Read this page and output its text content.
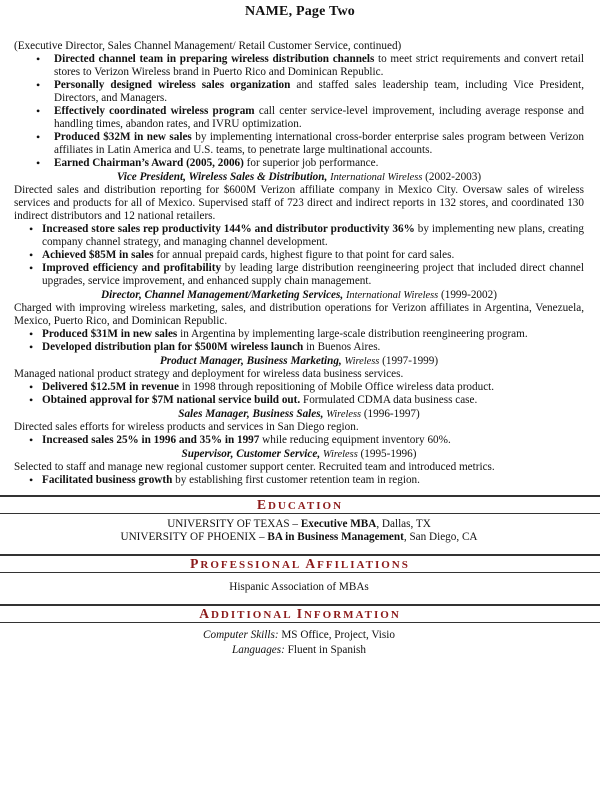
NAME, Page Two
(Executive Director, Sales Channel Management/ Retail Customer Service, continued)
• Directed channel team in preparing wireless distribution channels to meet strict requirements and convert retail stores to Verizon Wireless brand in Puerto Rico and Dominican Republic.
• Personally designed wireless sales organization and staffed sales leadership team, including Vice President, Directors, and Managers.
• Effectively coordinated wireless program call center service-level improvement, including average response and handling times, abandon rates, and IVRU optimization.
• Produced $32M in new sales by implementing international cross-border enterprise sales program between Verizon affiliates in Latin America and U.S. teams, to penetrate large multinational accounts.
• Earned Chairman’s Award (2005, 2006) for superior job performance.
Vice President, Wireless Sales & Distribution, International Wireless (2002-2003)
Directed sales and distribution reporting for $600M Verizon affiliate company in Mexico City. Oversaw sales of wireless services and products for all of Mexico. Supervised staff of 723 direct and indirect reports in 132 stores, and coordinated 130 indirect distributors and 12 national retailers.
• Increased store sales rep productivity 144% and distributor productivity 36% by implementing new plans, creating company channel strategy, and managing channel development.
• Achieved $85M in sales for annual prepaid cards, highest figure to that point for card sales.
• Improved efficiency and profitability by leading large distribution reengineering project that included direct channel upgrades, service improvement, and enhanced supply chain management.
Director, Channel Management/Marketing Services, International Wireless (1999-2002)
Charged with improving wireless marketing, sales, and distribution operations for Verizon affiliates in Argentina, Venezuela, Mexico, Puerto Rico, and Dominican Republic.
• Produced $31M in new sales in Argentina by implementing large-scale distribution reengineering program.
• Developed distribution plan for $500M wireless launch in Buenos Aires.
Product Manager, Business Marketing, Wireless (1997-1999)
Managed national product strategy and deployment for wireless data business services.
• Delivered $12.5M in revenue in 1998 through repositioning of Mobile Office wireless data product.
• Obtained approval for $7M national service build out. Formulated CDMA data business case.
Sales Manager, Business Sales, Wireless (1996-1997)
Directed sales efforts for wireless products and services in San Diego region.
• Increased sales 25% in 1996 and 35% in 1997 while reducing equipment inventory 60%.
Supervisor, Customer Service, Wireless (1995-1996)
Selected to staff and manage new regional customer support center. Recruited team and introduced metrics.
• Facilitated business growth by establishing first customer retention team in region.
EDUCATION
UNIVERSITY OF TEXAS – Executive MBA, Dallas, TX
UNIVERSITY OF PHOENIX – BA in Business Management, San Diego, CA
PROFESSIONAL AFFILIATIONS
Hispanic Association of MBAs
ADDITIONAL INFORMATION
Computer Skills: MS Office, Project, Visio
Languages: Fluent in Spanish
